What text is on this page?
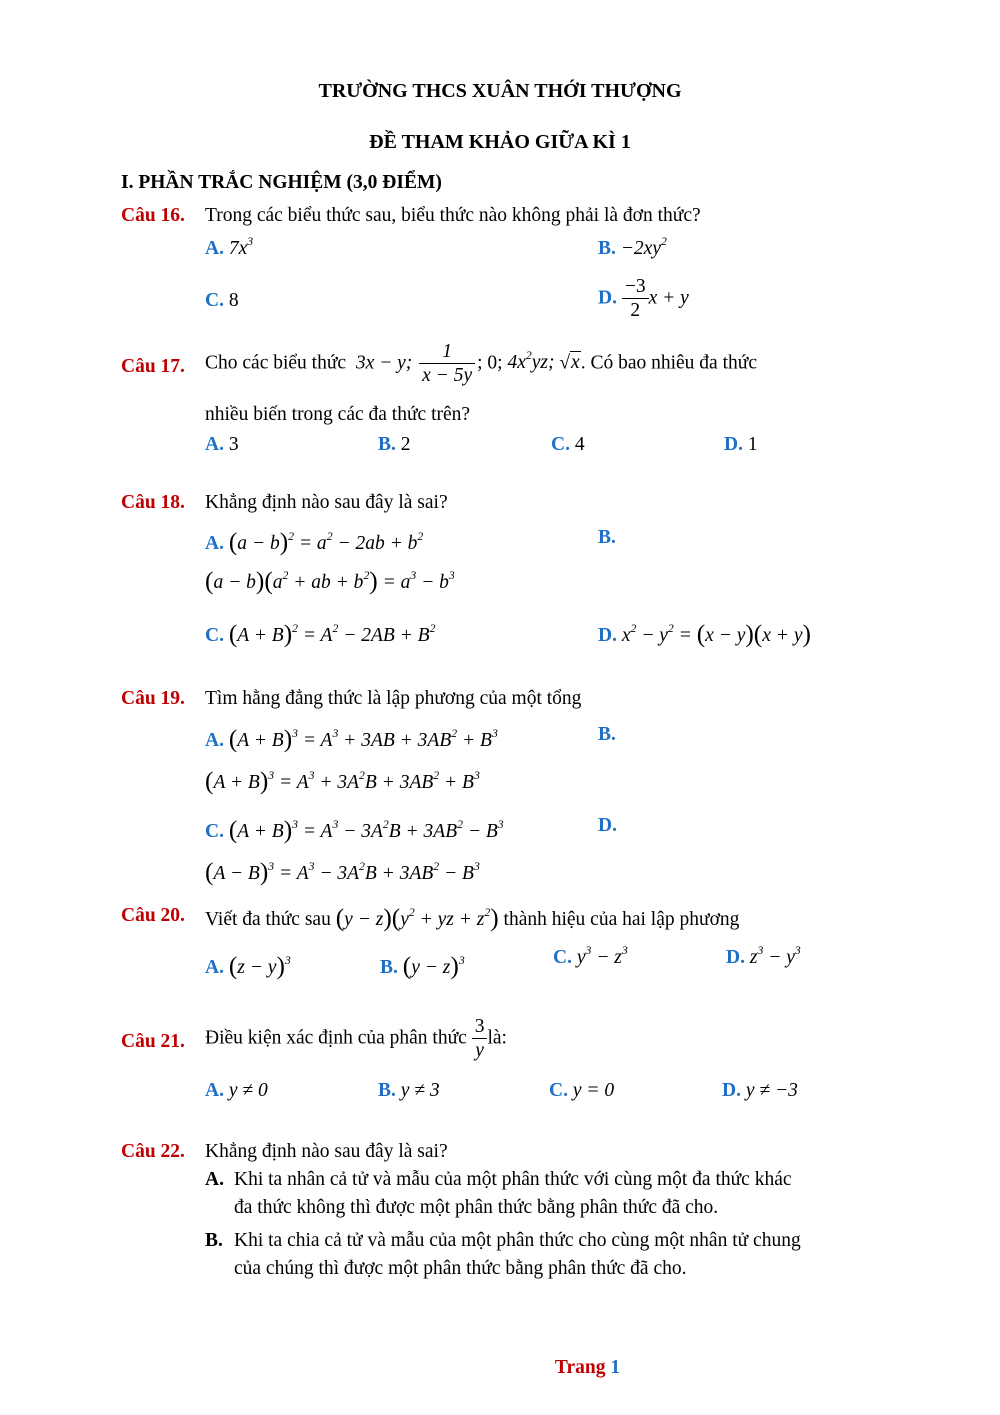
TRƯỜNG THCS XUÂN THỚI THƯỢNG
ĐỀ THAM KHẢO GIỮA KÌ 1
I. PHẦN TRẮC NGHIỆM (3,0 ĐIỂM)
Câu 16. Trong các biểu thức sau, biểu thức nào không phải là đơn thức?
A. $7x^3$	B. $-2xy^2$
C. 8	D. $\frac{-3}{2}$ x + y
Câu 17. Cho các biểu thức  3x − y; $\frac{1}{x - 5y}$ ; 0; $4x^2yz$; √x. Có bao nhiêu đa thức
nhiều biến trong các đa thức trên?
A. 3	B. 2	C. 4	D. 1
Câu 18. Khẳng định nào sau đây là sai?
A. $(a - b)^2 = a^2 - 2ab + b^2$	B.
$(a - b)(a^2$ + ab + $b^2) = a^3 - b^3$
C. $(A + B)^2 = A^2 - 2AB + B^2$	D. $x^2 - y^2 = (x - y)(x + y)$
Câu 19. Tìm hằng đẳng thức là lập phương của một tổng
A. $(A + B)^3 = A^3 + 3AB + 3AB^2 + B^3$	B.
$(A + B)^3 = A^3 + 3A^2B + 3AB^2 + B^3$
C. $(A + B)^3 = A^3 - 3A^2B + 3AB^2 - B^3$	D.
$(A - B)^3 = A^3 - 3A^2B + 3AB^2 - B^3$
Câu 20. Viết đa thức sau $(y - z)(y^2$ + yz + $z^2$) thành hiệu của hai lập phương
A. $(z - y)^3$	B. $(y - z)^3$	C. $y^3 - z^3$	D. $z^3 - y^3$
Câu 21. Điều kiện xác định của phân thức $\frac{3}{y}$ là:
A. y ≠ 0	B. y ≠ 3	C. y = 0	D. y ≠ −3
Câu 22. Khẳng định nào sau đây là sai?
A. Khi ta nhân cả tử và mẫu của một phân thức với cùng một đa thức khác
đa thức không thì được một phân thức bằng phân thức đã cho.
B. Khi ta chia cả tử và mẫu của một phân thức cho cùng một nhân tử chung
của chúng thì được một phân thức bằng phân thức đã cho.
Trang 1
